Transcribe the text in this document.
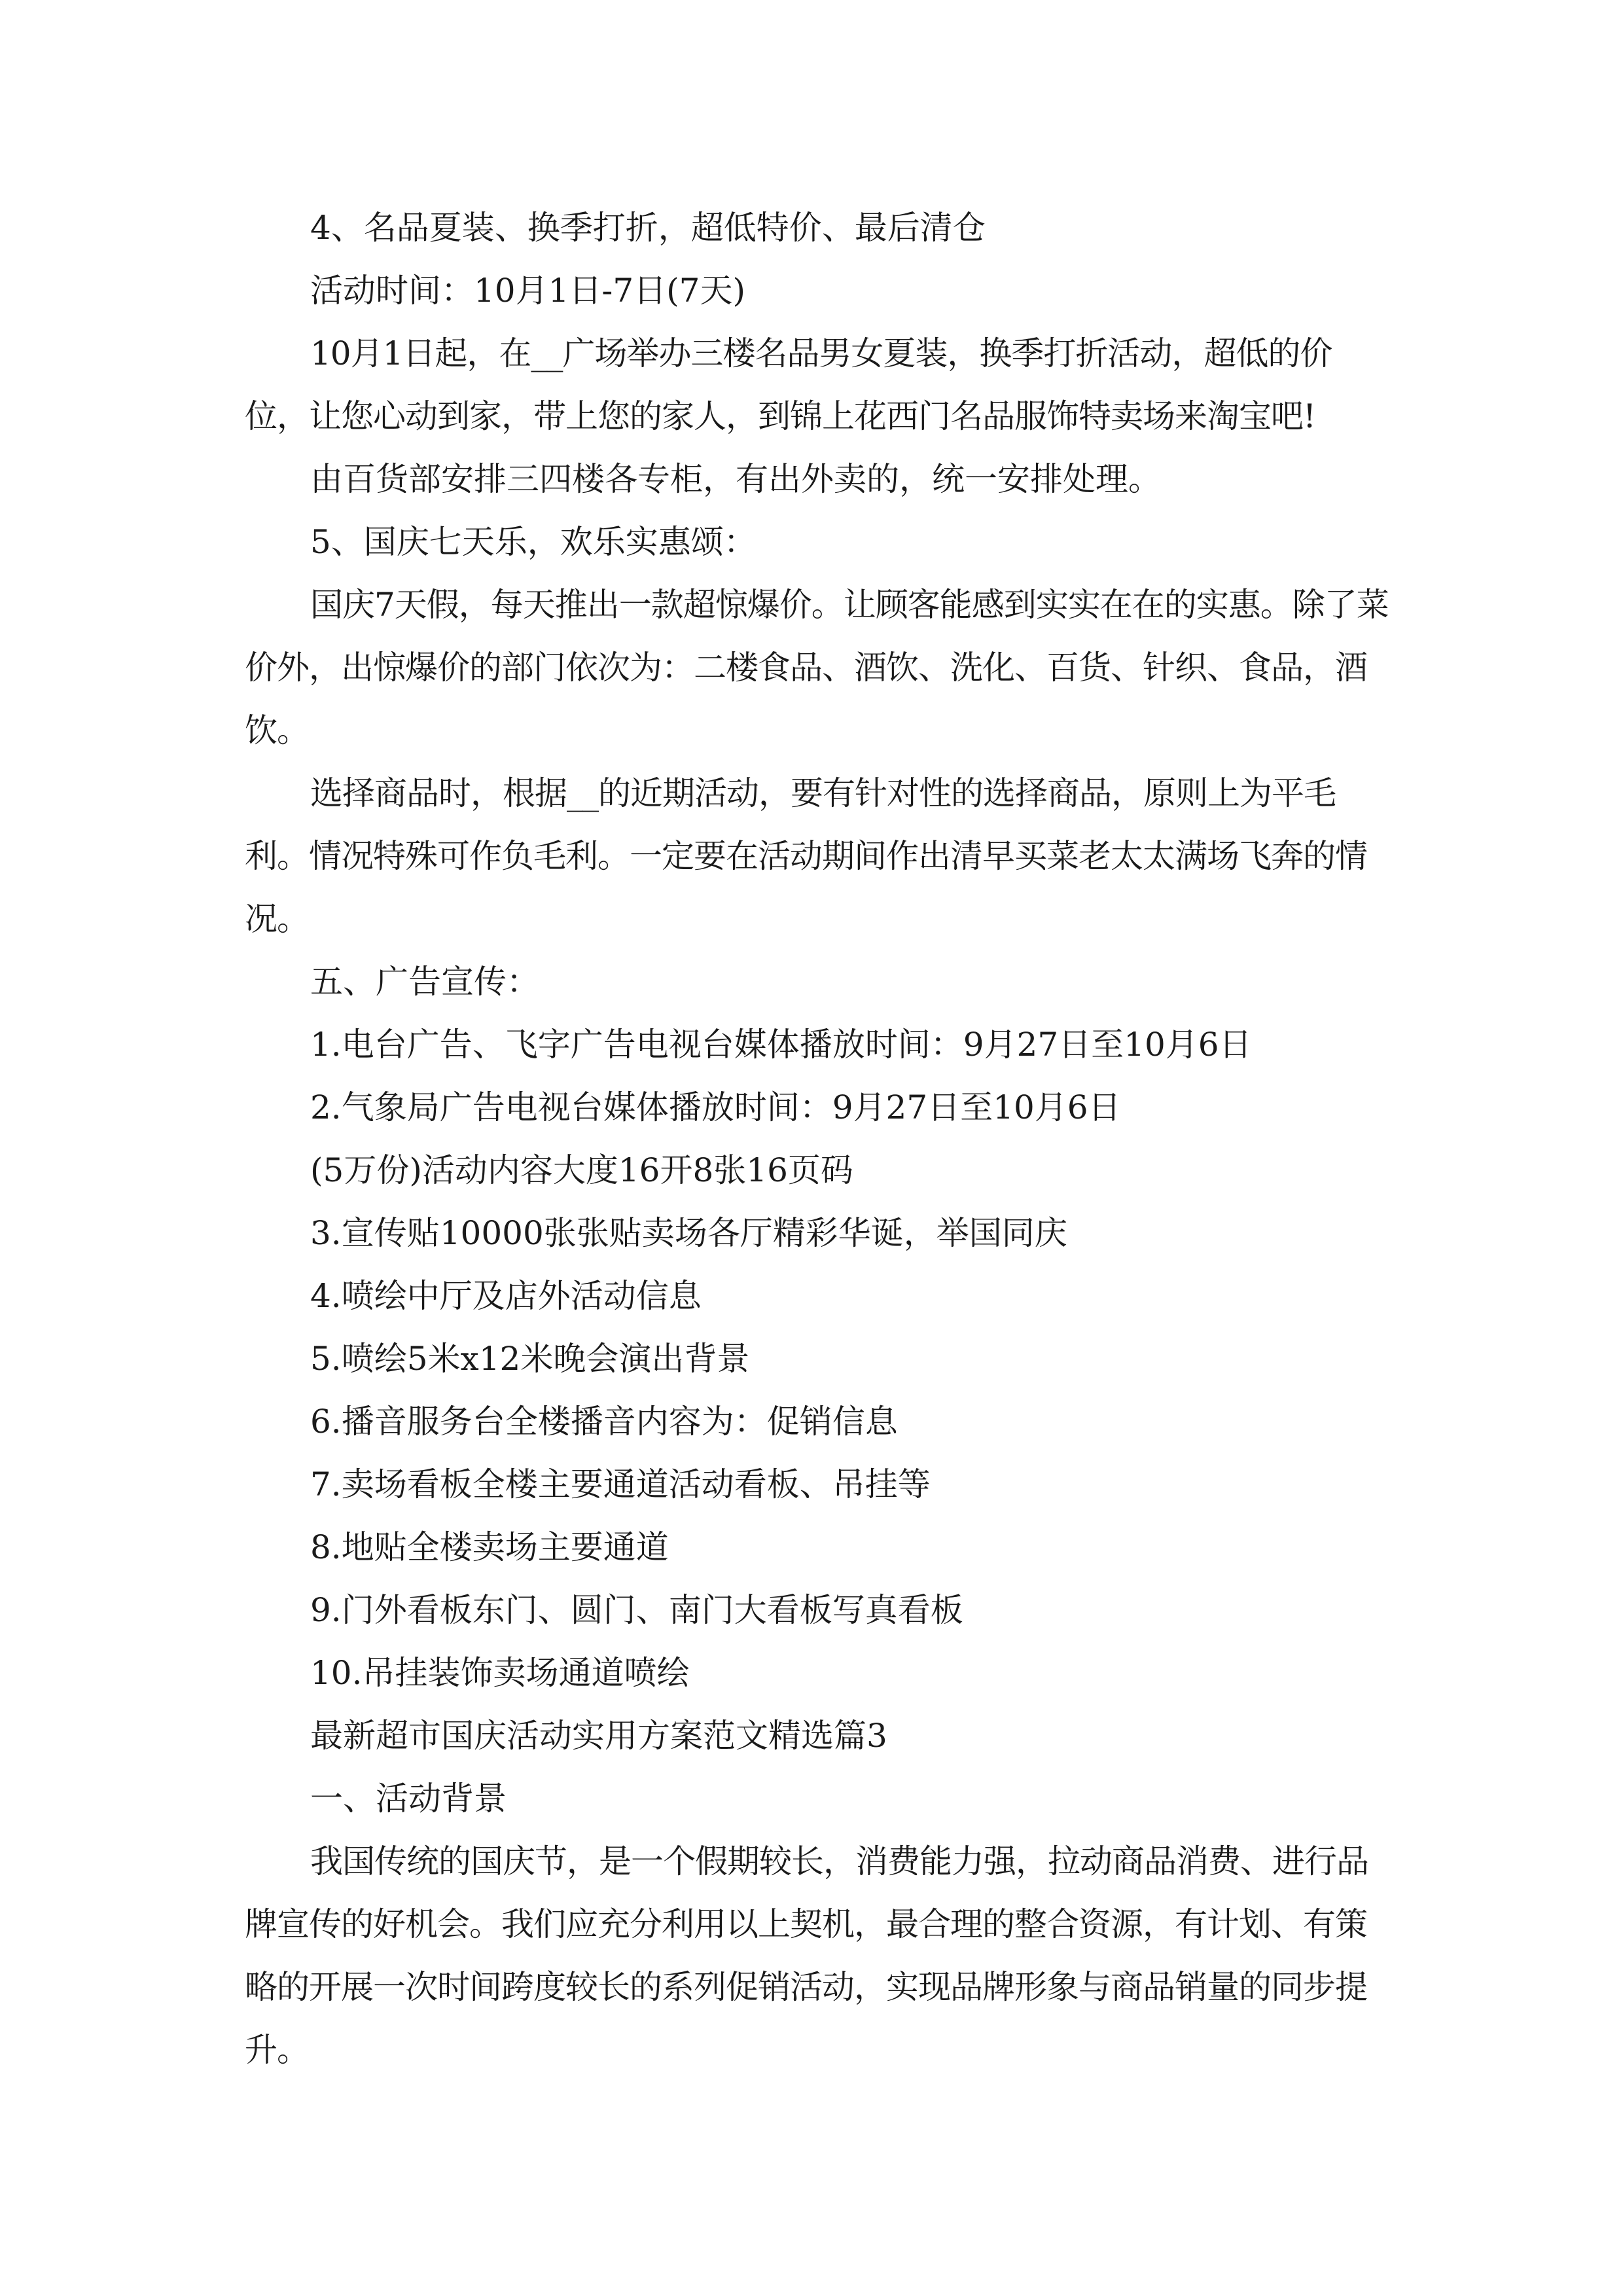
4、名品夏装、换季打折，超低特价、最后清仓

活动时间：10月1日-7日(7天)

10月1日起，在__广场举办三楼名品男女夏装，换季打折活动，超低的价位，让您心动到家，带上您的家人，到锦上花西门名品服饰特卖场来淘宝吧!

由百货部安排三四楼各专柜，有出外卖的，统一安排处理。

5、国庆七天乐，欢乐实惠颂：

国庆7天假，每天推出一款超惊爆价。让顾客能感到实实在在的实惠。除了菜价外，出惊爆价的部门依次为：二楼食品、酒饮、洗化、百货、针织、食品，酒饮。

选择商品时，根据__的近期活动，要有针对性的选择商品，原则上为平毛利。情况特殊可作负毛利。一定要在活动期间作出清早买菜老太太满场飞奔的情况。

五、广告宣传：

1.电台广告、飞字广告电视台媒体播放时间：9月27日至10月6日

2.气象局广告电视台媒体播放时间：9月27日至10月6日

(5万份)活动内容大度16开8张16页码

3.宣传贴10000张张贴卖场各厅精彩华诞，举国同庆

4.喷绘中厅及店外活动信息

5.喷绘5米x12米晚会演出背景

6.播音服务台全楼播音内容为：促销信息

7.卖场看板全楼主要通道活动看板、吊挂等

8.地贴全楼卖场主要通道

9.门外看板东门、圆门、南门大看板写真看板

10.吊挂装饰卖场通道喷绘

最新超市国庆活动实用方案范文精选篇3

一、活动背景

我国传统的国庆节，是一个假期较长，消费能力强，拉动商品消费、进行品牌宣传的好机会。我们应充分利用以上契机，最合理的整合资源，有计划、有策略的开展一次时间跨度较长的系列促销活动，实现品牌形象与商品销量的同步提升。
